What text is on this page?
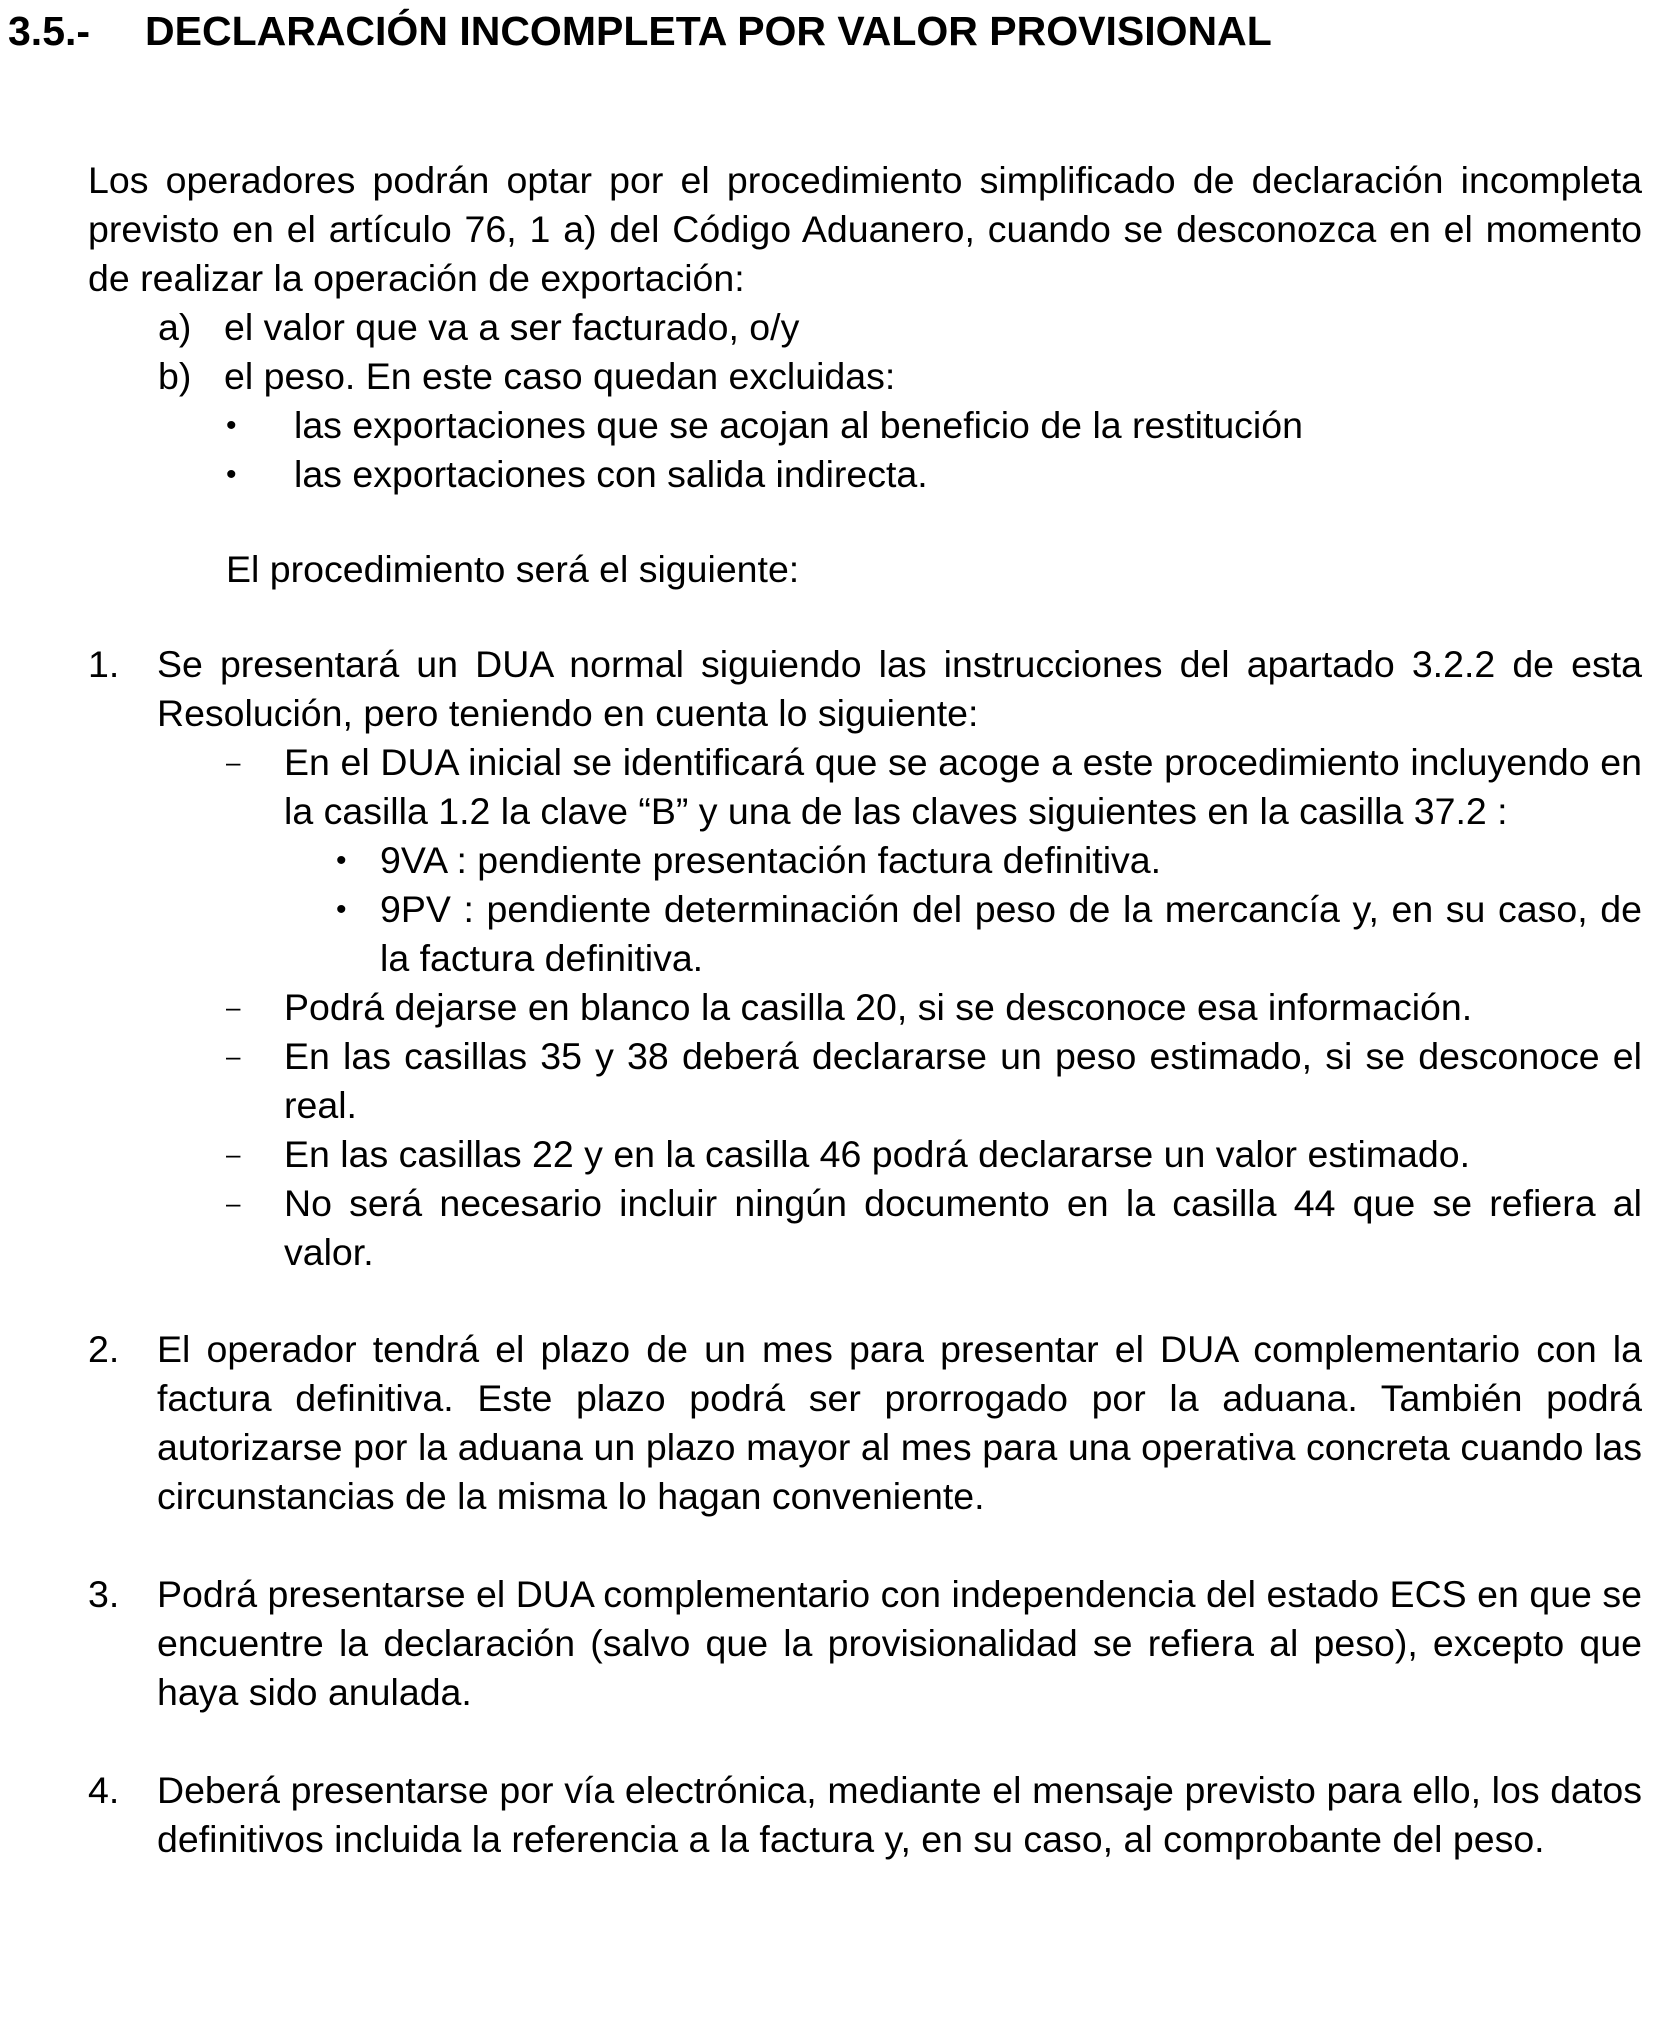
3.5.- DECLARACIÓN INCOMPLETA POR VALOR PROVISIONAL
Los operadores podrán optar por el procedimiento simplificado de declaración incompleta previsto en el artículo 76, 1 a) del Código Aduanero, cuando se desconozca en el momento de realizar la operación de exportación:
a) el valor que va a ser facturado, o/y
b) el peso. En este caso quedan excluidas:
•	las exportaciones que se acojan al beneficio de la restitución
•	las exportaciones con salida indirecta.
El procedimiento será el siguiente:
1.	Se presentará un DUA normal siguiendo las instrucciones del apartado 3.2.2 de esta Resolución, pero teniendo en cuenta lo siguiente:
–	En el DUA inicial se identificará que se acoge a este procedimiento incluyendo en la casilla 1.2 la clave “B” y una de las claves siguientes en la casilla 37.2 :
• 9VA : pendiente presentación factura definitiva.
• 9PV : pendiente determinación del peso de la mercancía y, en su caso, de la factura definitiva.
–	Podrá dejarse en blanco la casilla 20, si se desconoce esa información.
–	En las casillas 35 y 38 deberá declararse un peso estimado, si se desconoce el real.
–	En las casillas 22 y en la casilla 46 podrá declararse un valor estimado.
–	No será necesario incluir ningún documento en la casilla 44 que se refiera al valor.
2.	El operador tendrá el plazo de un mes para presentar el DUA complementario con la factura definitiva. Este plazo podrá ser prorrogado por la aduana. También podrá autorizarse por la aduana un plazo mayor al mes para una operativa concreta cuando las circunstancias de la misma lo hagan conveniente.
3.	Podrá presentarse el DUA complementario con independencia del estado ECS en que se encuentre la declaración (salvo que la provisionalidad se refiera al peso), excepto que haya sido anulada.
4.	Deberá presentarse por vía electrónica, mediante el mensaje previsto para ello, los datos definitivos incluida la referencia a la factura y, en su caso, al comprobante del peso.
